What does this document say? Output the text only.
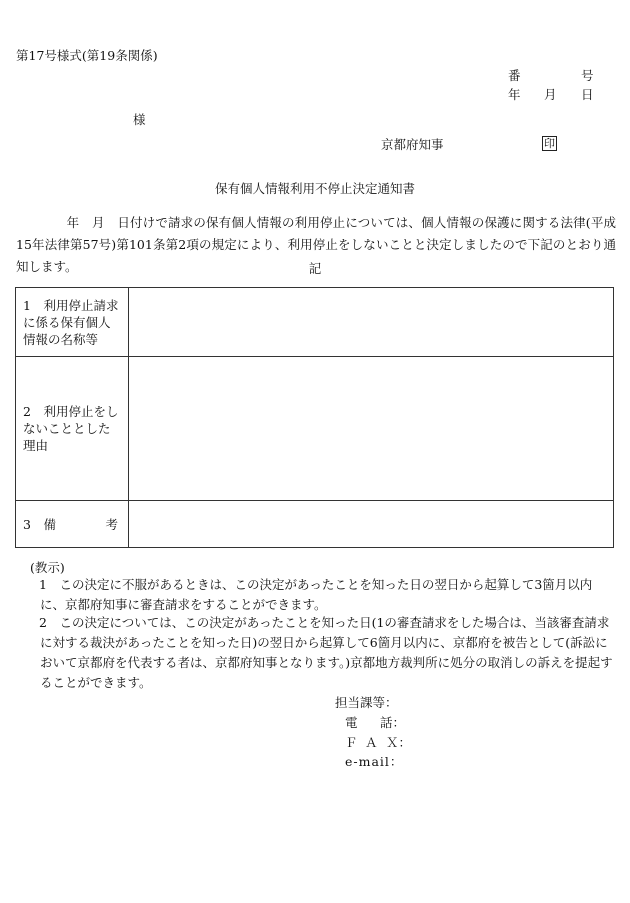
第17号様式(第19条関係)
番	号
年 月 日
様
京都府知事	印
保有個人情報利用不停止決定通知書
　　　　年　月　日付けで請求の保有個人情報の利用停止については、個人情報の保護に関する法律(平成15年法律第57号)第101条第2項の規定により、利用停止をしないことと決定しましたので下記のとおり通知します。	記
1　利用停止請求に係る保有個人情報の名称等	
2　利用停止をしないこととした理由	

3　備 考	

(教示)
1　この決定に不服があるときは、この決定があったことを知った日の翌日から起算して3箇月以内に、京都府知事に審査請求をすることができます。
2　この決定については、この決定があったことを知った日(1の審査請求をした場合は、当該審査請求に対する裁決があったことを知った日)の翌日から起算して6箇月以内に、京都府を被告として(訴訟において京都府を代表する者は、京都府知事となります。)京都地方裁判所に処分の取消しの訴えを提起することができます。
担当課等：
電 話：
Ｆ Ａ Ｘ：
e-mail：
